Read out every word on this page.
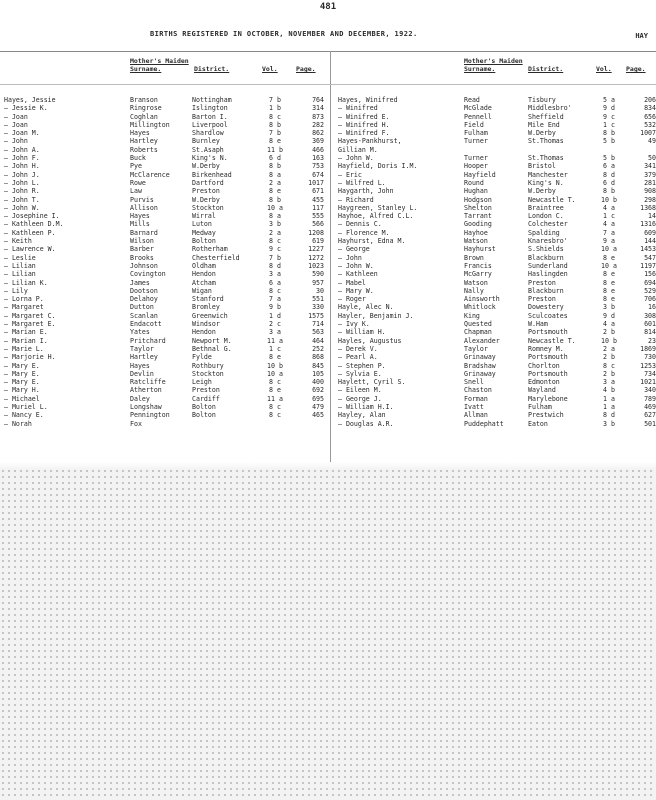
481
BIRTHS REGISTERED IN OCTOBER, NOVEMBER AND DECEMBER, 1922.	HAY
Mother's Maiden Surname.	District.	Vol.	Page.
Mother's Maiden Surname.	District.	Vol. Page.
Hayes, Jessie	Branson	Nottingham	7 b	764
— Jessie K.	Ringrose	Islington	1 b	314
— Joan	Coghlan	Barton I.	8 c	873
— Joan	Millington	Liverpool	8 b	282
— Joan M.	Hayes	Shardlow	7 b	862
— John	Hartley	Burnley	8 e	369
— John A.	Roberts	St.Asaph	11 b	466
— John F.	Buck	King's N.	6 d	163
— John H.	Pye	W.Derby	8 b	753
— John J.	McClarence	Birkenhead	8 a	674
— John L.	Rowe	Dartford	2 a	1017
— John R.	Law	Preston	8 e	671
— John T.	Purvis	W.Derby	8 b	455
— John W.	Allison	Stockton	10 a	117
— Josephine I.	Hayes	Wirral	8 a	555
— Kathleen D.M.	Mills	Luton	3 b	566
— Kathleen P.	Barnard	Medway	2 a	1208
— Keith	Wilson	Bolton	8 c	619
— Lawrence W.	Barber	Rotherham	9 c	1227
— Leslie	Brooks	Chesterfield	7 b	1272
— Lilian	Johnson	Oldham	8 d	1023
— Lilian	Covington	Hendon	3 a	590
— Lilian K.	James	Atcham	6 a	957
— Lily	Dootson	Wigan	8 c	30
— Lorna P.	Delahoy	Stanford	7 a	551
— Margaret	Dutton	Bromley	9 b	330
— Margaret C.	Scanlan	Greenwich	1 d	1575
— Margaret E.	Endacott	Windsor	2 c	714
— Marian E.	Yates	Hendon	3 a	563
— Marian I.	Pritchard	Newport M.	11 a	464
— Marie L.	Taylor	Bethnal G.	1 c	252
— Marjorie H.	Hartley	Fylde	8 e	868
— Mary E.	Hayes	Rothbury	10 b	845
— Mary E.	Devlin	Stockton	10 a	105
— Mary E.	Ratcliffe	Leigh	8 c	400
— Mary H.	Atherton	Preston	8 e	692
— Michael	Daley	Cardiff	11 a	695
— Muriel L.	Longshaw	Bolton	8 c	479
— Nancy E.	Pennington	Bolton	8 c	465
— Norah	Fox
Hayes, Winifred	Read	Tisbury	5 a	206
— Winifred	McGlade	Middlesbro'	9 d	834
— Winifred E.	Pennell	Sheffield	9 c	656
— Winifred H.	Field	Mile End	1 c	532
— Winifred F.	Fulham	W.Derby	8 b	1007
Hayes-Pankhurst,	Turner	St.Thomas	5 b	49
Gillian M.
— John W.	Turner	St.Thomas	5 b	50
Hayfield, Doris I.M.	Hooper	Bristol	6 a	341
— Eric	Hayfield	Manchester	8 d	379
— Wilfred L.	Round	King's N.	6 d	281
Haygarth, John	Hughan	W.Derby	8 b	908
— Richard	Hodgson	Newcastle T.	10 b	298
Haygreen, Stanley L.	Shelton	Braintree	4 a	1368
Hayhoe, Alfred C.L.	Tarrant	London C.	1 c	14
— Dennis C.	Gooding	Colchester	4 a	1316
— Florence M.	Hayhoe	Spalding	7 a	609
Hayhurst, Edna M.	Watson	Knaresbro'	9 a	144
— George	Hayhurst	S.Shields	10 a	1453
— John	Brown	Blackburn	8 e	547
— John W.	Francis	Sunderland	10 a	1197
— Kathleen	McGarry	Haslingden	8 e	156
— Mabel	Watson	Preston	8 e	694
— Mary W.	Nally	Blackburn	8 e	529
— Roger	Ainsworth	Preston	8 e	706
Hayle, Alec N.	Whitlock	Dowestery	3 b	16
Hayler, Benjamin J.	King	Sculcoates	9 d	308
— Ivy K.	Quested	W.Ham	4 a	601
— William H.	Chapman	Portsmouth	2 b	814
Hayles, Augustus	Alexander	Newcastle T.	10 b	23
— Derek V.	Taylor	Romney M.	2 a	1869
— Pearl A.	Grinaway	Portsmouth	2 b	730
— Stephen P.	Bradshaw	Chorlton	8 c	1253
— Sylvia E.	Grinaway	Portsmouth	2 b	734
Haylett, Cyril S.	Snell	Edmonton	3 a	1021
— Eileen M.	Chaston	Wayland	4 b	340
— George J.	Forman	Marylebone	1 a	789
— William H.I.	Ivatt	Fulham	1 a	469
Hayley, Alan	Allman	Prestwich	8 d	627
— Douglas A.R.	Puddephatt	Eaton	3 b	501
